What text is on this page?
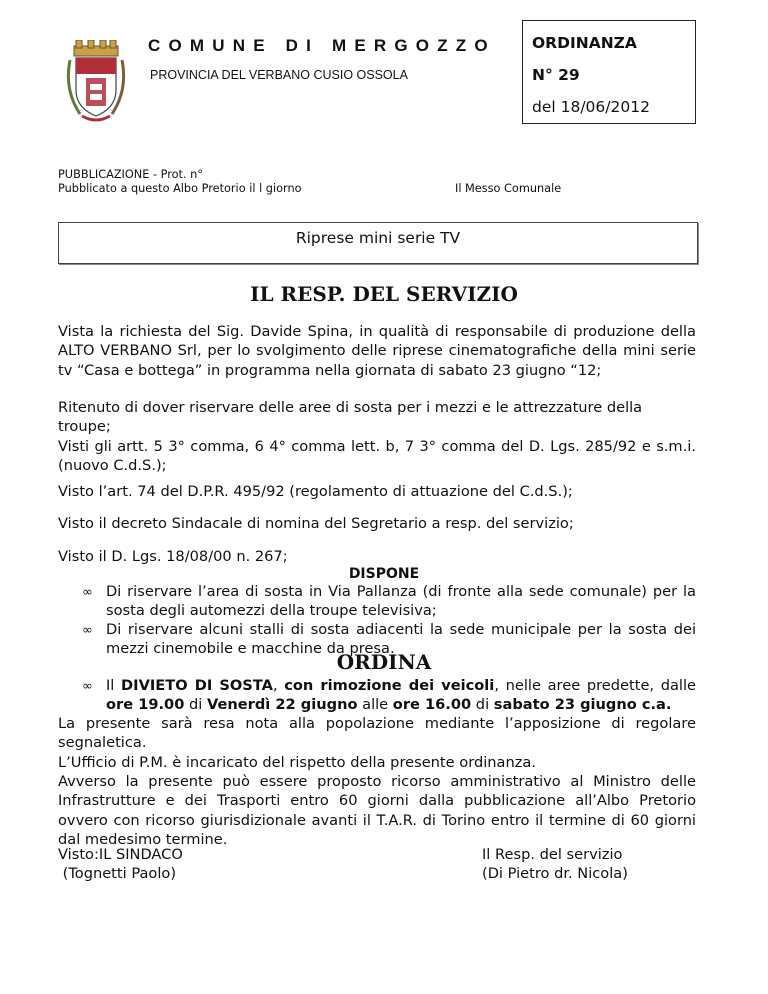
COMUNE DI MERGOZZO
PROVINCIA DEL VERBANO CUSIO OSSOLA
ORDINANZA
N° 29
del 18/06/2012
PUBBLICAZIONE - Prot. n°
Pubblicato a questo Albo Pretorio il l giorno	Il Messo Comunale
Riprese mini serie TV
IL RESP. DEL SERVIZIO

Vista la richiesta del Sig. Davide Spina, in qualità di responsabile di produzione della ALTO VERBANO Srl, per lo svolgimento delle riprese cinematografiche della mini serie tv “Casa e bottega” in programma nella giornata di sabato 23 giugno “12;

Ritenuto di dover riservare delle aree di sosta per i mezzi e le attrezzature della troupe;

Visti gli artt. 5 3° comma, 6 4° comma lett. b, 7 3° comma del D. Lgs. 285/92 e s.m.i. (nuovo C.d.S.);

Visto l’art. 74 del D.P.R. 495/92 (regolamento di attuazione del C.d.S.);

Visto il decreto Sindacale di nomina del Segretario a resp. del servizio;

Visto il D. Lgs. 18/08/00 n. 267;

DISPONE
∞ Di riservare l’area di sosta in Via Pallanza (di fronte alla sede comunale) per la sosta degli automezzi della troupe televisiva;
∞ Di riservare alcuni stalli di sosta adiacenti la sede municipale per la sosta dei mezzi cinemobile e macchine da presa.
ORDINA
∞ Il DIVIETO DI SOSTA, con rimozione dei veicoli, nelle aree predette, dalle ore 19.00 di Venerdì 22 giugno alle ore 16.00 di sabato 23 giugno c.a.

La presente sarà resa nota alla popolazione mediante l’apposizione di regolare segnaletica.

L’Ufficio di P.M. è incaricato del rispetto della presente ordinanza.

Avverso la presente può essere proposto ricorso amministrativo al Ministro delle Infrastrutture e dei Trasporti entro 60 giorni dalla pubblicazione all’Albo Pretorio ovvero con ricorso giurisdizionale avanti il T.A.R. di Torino entro il termine di 60 giorni dal medesimo termine.

Visto:IL SINDACO
(Tognetti Paolo)
Il Resp. del servizio
(Di Pietro dr. Nicola)
